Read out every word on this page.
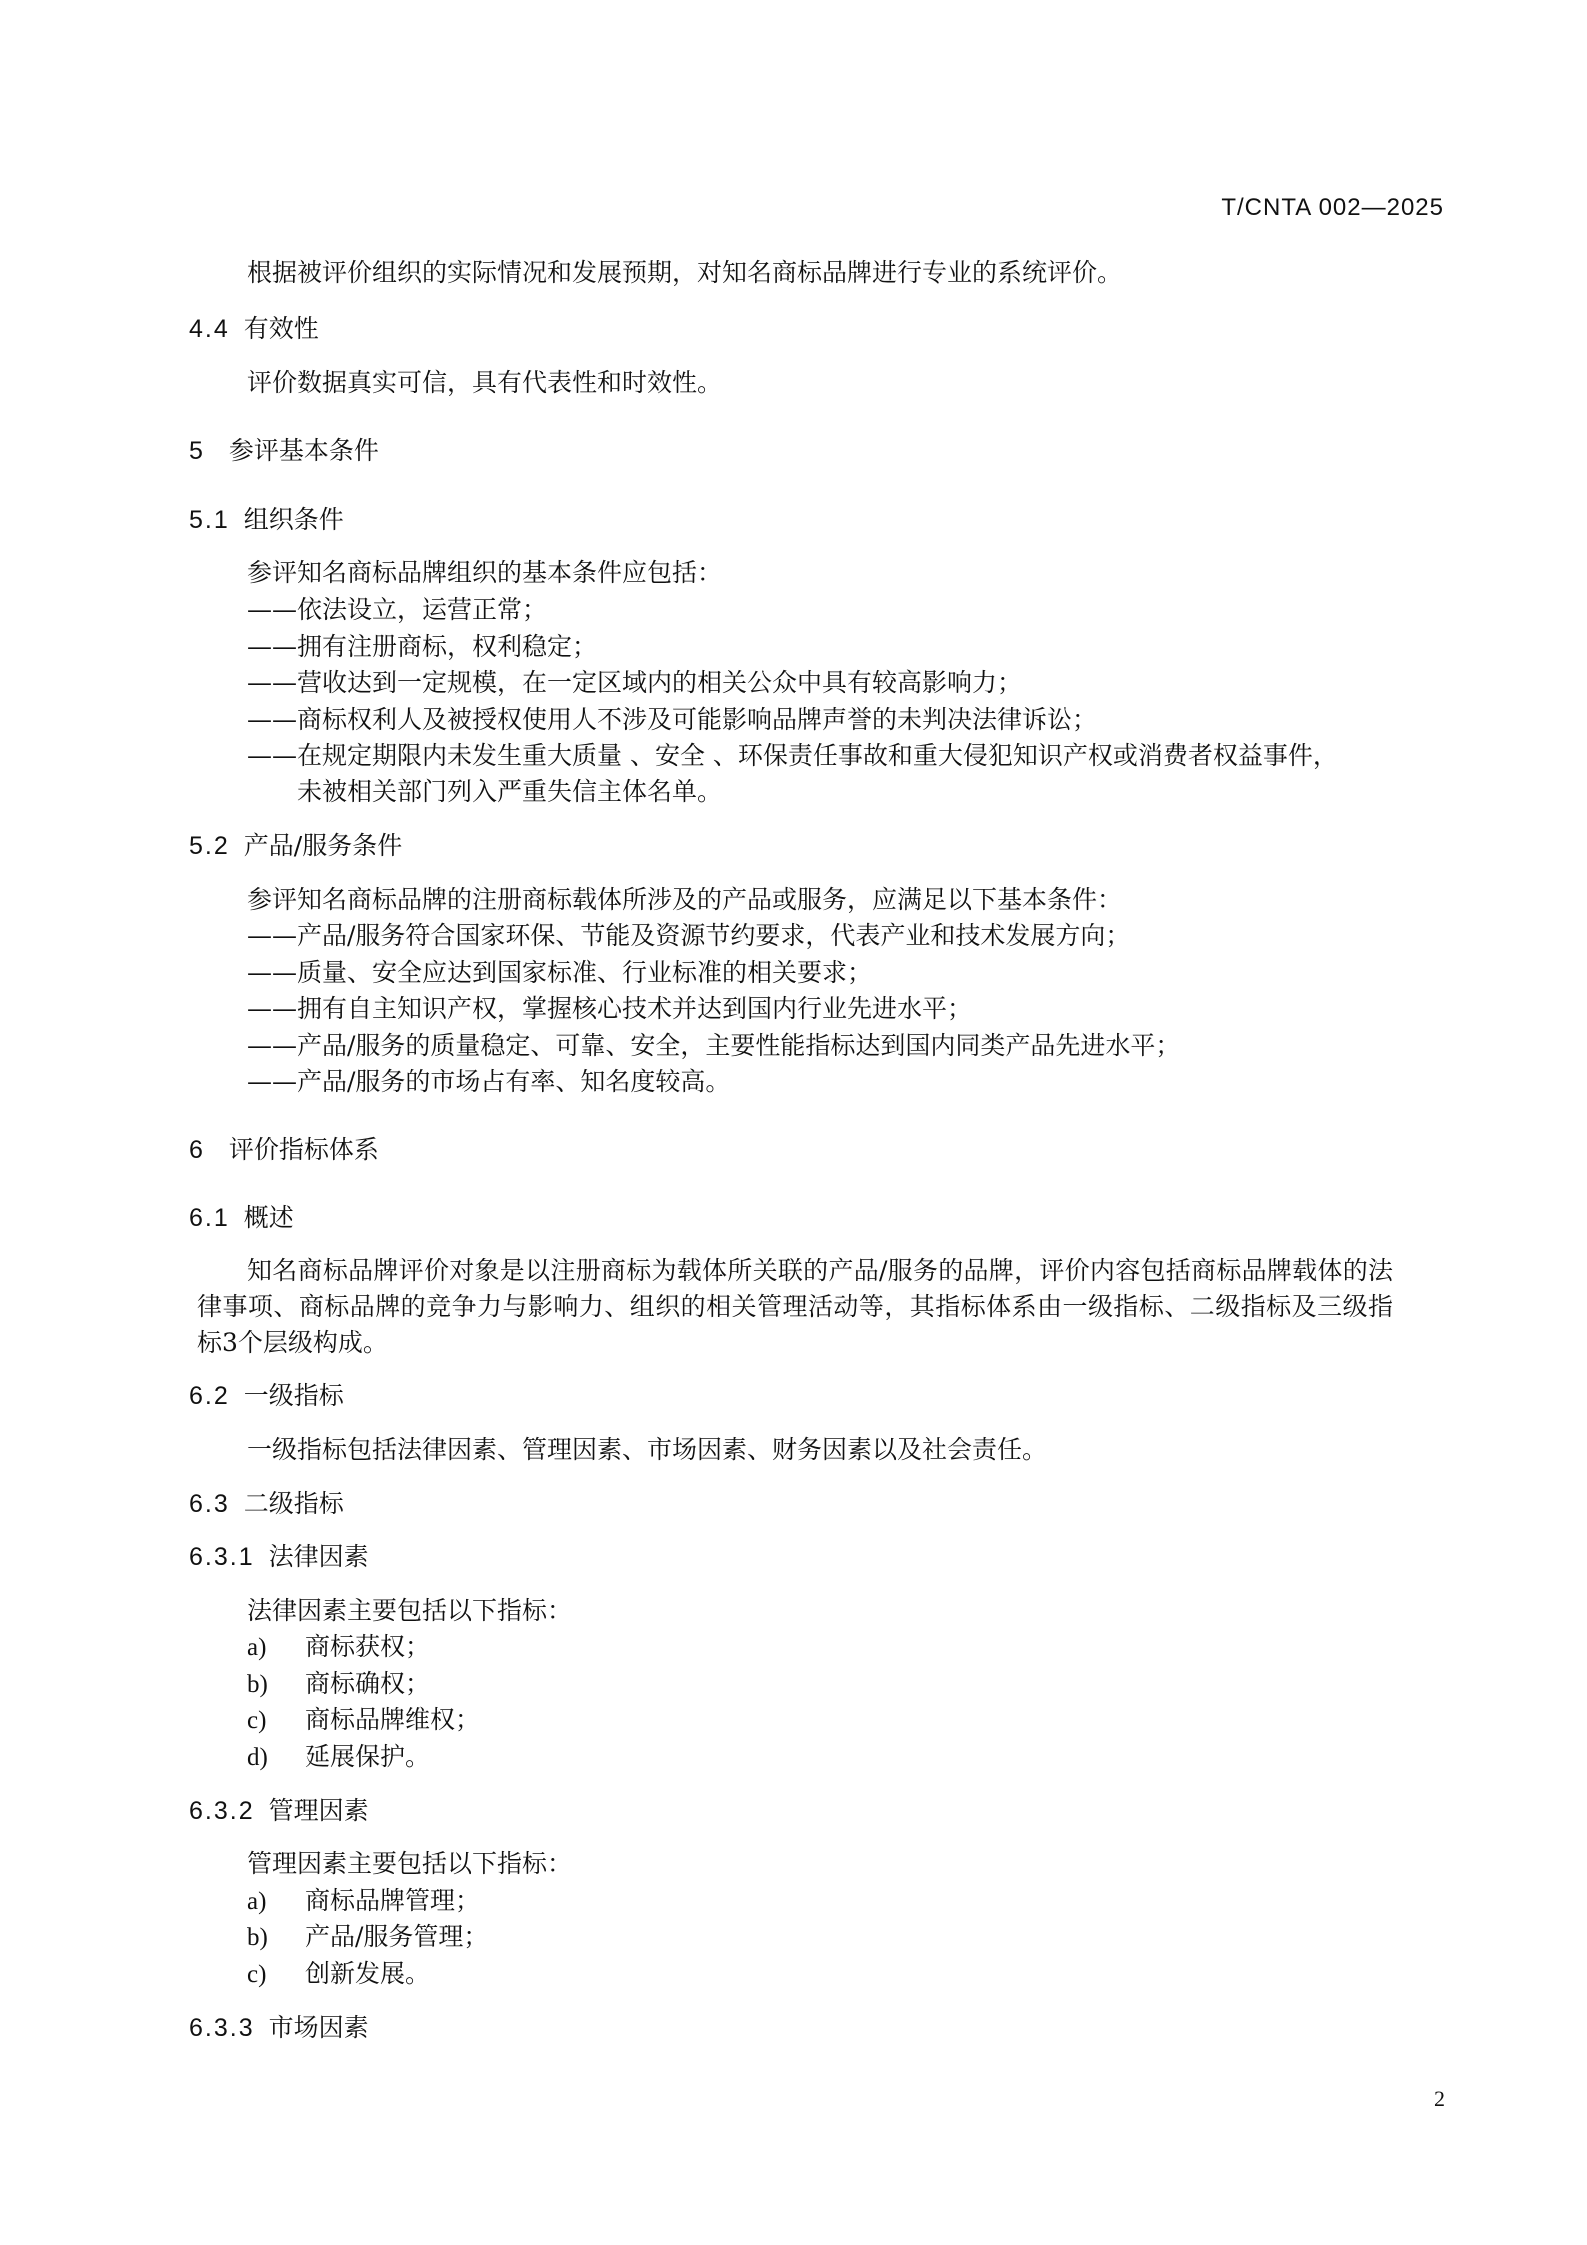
T/CNTA 002—2025
根据被评价组织的实际情况和发展预期，对知名商标品牌进行专业的系统评价。
4.4 有效性
评价数据真实可信，具有代表性和时效性。
5 参评基本条件
5.1 组织条件
参评知名商标品牌组织的基本条件应包括：
——依法设立，运营正常；
——拥有注册商标，权利稳定；
——营收达到一定规模，在一定区域内的相关公众中具有较高影响力；
——商标权利人及被授权使用人不涉及可能影响品牌声誉的未判决法律诉讼；
——在规定期限内未发生重大质量 、安全 、环保责任事故和重大侵犯知识产权或消费者权益事件，
未被相关部门列入严重失信主体名单。
5.2 产品/服务条件
参评知名商标品牌的注册商标载体所涉及的产品或服务，应满足以下基本条件：
——产品/服务符合国家环保、节能及资源节约要求，代表产业和技术发展方向；
——质量、安全应达到国家标准、行业标准的相关要求；
——拥有自主知识产权，掌握核心技术并达到国内行业先进水平；
——产品/服务的质量稳定、可靠、安全，主要性能指标达到国内同类产品先进水平；
——产品/服务的市场占有率、知名度较高。
6 评价指标体系
6.1 概述
知名商标品牌评价对象是以注册商标为载体所关联的产品/服务的品牌，评价内容包括商标品牌载体的法律事项、商标品牌的竞争力与影响力、组织的相关管理活动等，其指标体系由一级指标、二级指标及三级指标3个层级构成。
6.2 一级指标
一级指标包括法律因素、管理因素、市场因素、财务因素以及社会责任。
6.3 二级指标
6.3.1 法律因素
法律因素主要包括以下指标：
a) 商标获权；
b) 商标确权；
c) 商标品牌维权；
d) 延展保护。
6.3.2 管理因素
管理因素主要包括以下指标：
a) 商标品牌管理；
b) 产品/服务管理；
c) 创新发展。
6.3.3 市场因素
2
